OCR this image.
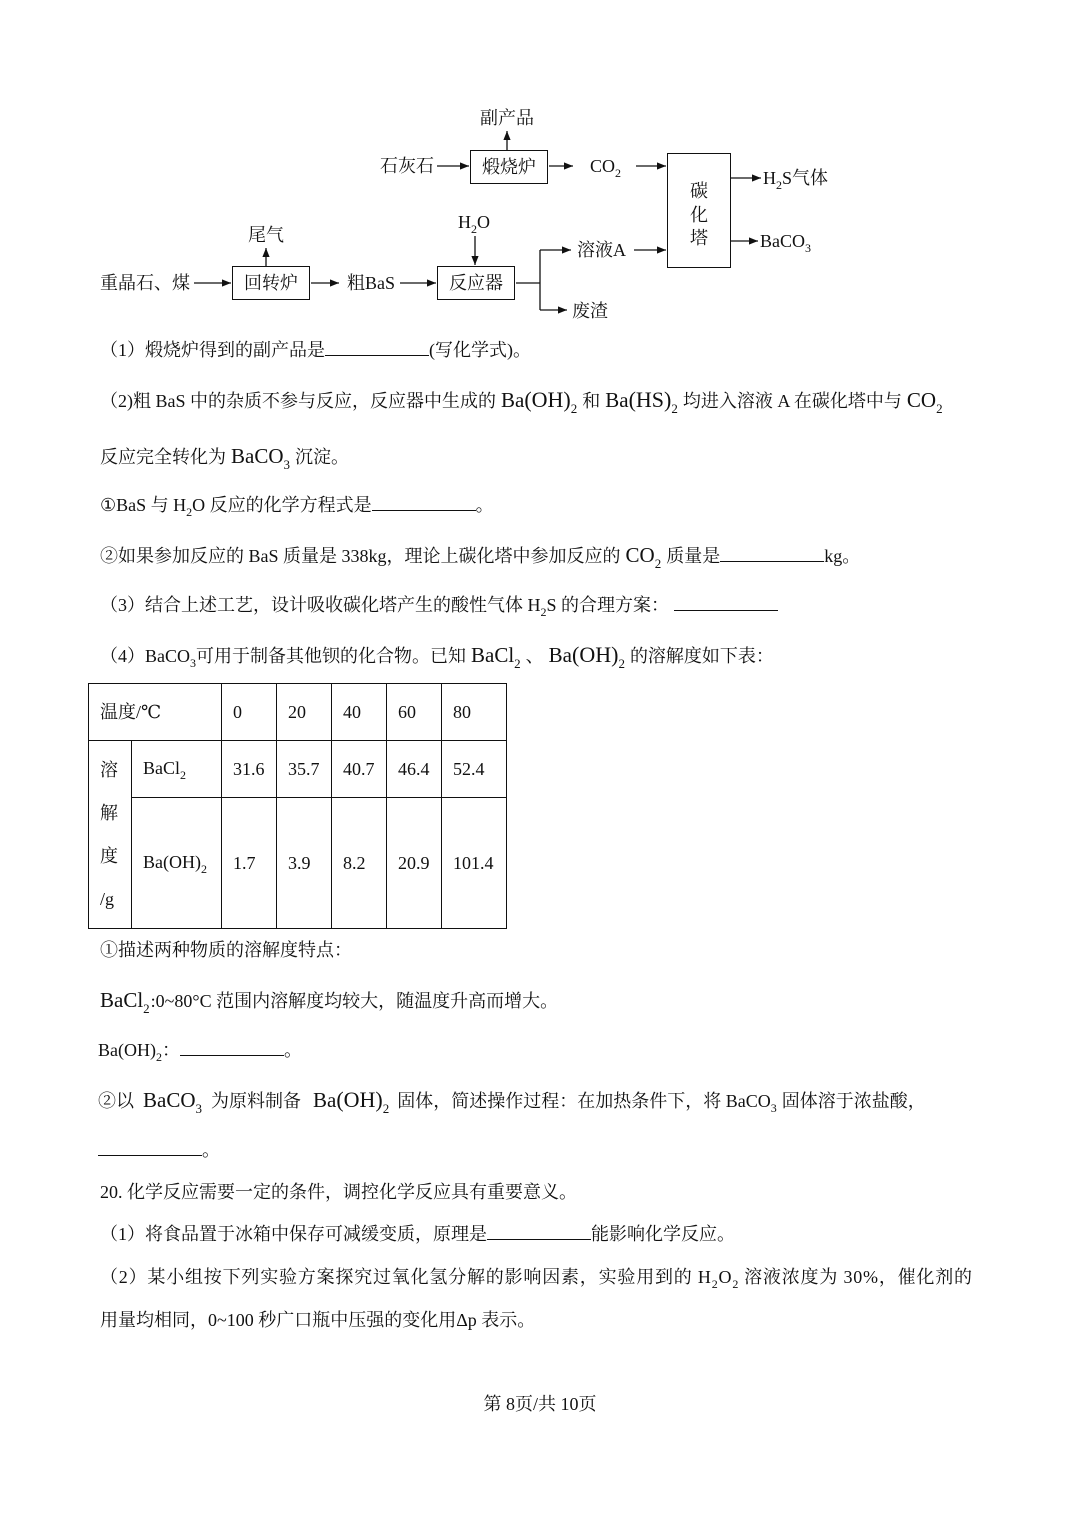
副产品
石灰石	煅烧炉	$CO_2$
碳
化
塔
$H_2S$气体
BaCO$_3$
尾气
重晶石、煤	回转炉	粗BaS
$H_2O$
反应器
溶液A
废渣
（1）煅烧炉得到的副产品是	(写化学式)。
（2)粗 BaS 中的杂质不参与反应，反应器中生成的 $Ba(OH)_2$ 和 $Ba(HS)_2$ 均进入溶液 A 在碳化塔中与 $CO_2$
反应完全转化为 BaCO$_3$ 沉淀。
①BaS 与 H 2 O 反应的化学方程式是	。
②如果参加反应的 BaS 质量是 338kg，理论上碳化塔中参加反应的 $CO_2$ 质量是	kg。
（3）结合上述工艺，设计吸收碳化塔产生的酸性气体 H 2 S 的合理方案：
（4）BaCO 3 可用于制备其他钡的化合物。已知 BaCl$_2$ 、 $Ba(OH)_2$ 的溶解度如下表：
温度/℃		0	20	40	60	80

溶
解
度
/g	BaCl$_2$	31.6	35.7	40.7	46.4	52.4
	$Ba(OH)_2$	1.7	3.9	8.2	20.9	101.4
①描述两种物质的溶解度特点：
BaCl$_2$ :0~80°C 范围内溶解度均较大，随温度升高而增大。
Ba(OH) 2 ：	。
②以 BaCO$_3$ 为原料制备 $Ba(OH)_2$ 固体，简述操作过程：在加热条件下，将 BaCO 3 固体溶于浓盐酸，
。
20. 化学反应需要一定的条件，调控化学反应具有重要意义。
（1）将食品置于冰箱中保存可减缓变质，原理是	能影响化学反应。
（2）某小组按下列实验方案探究过氧化氢分解的影响因素，实验用到的 H 2 O 2 溶液浓度为 30%，催化剂的
用量均相同，0~100 秒广口瓶中压强的变化用Δp 表示。
第 8页/共 10页
